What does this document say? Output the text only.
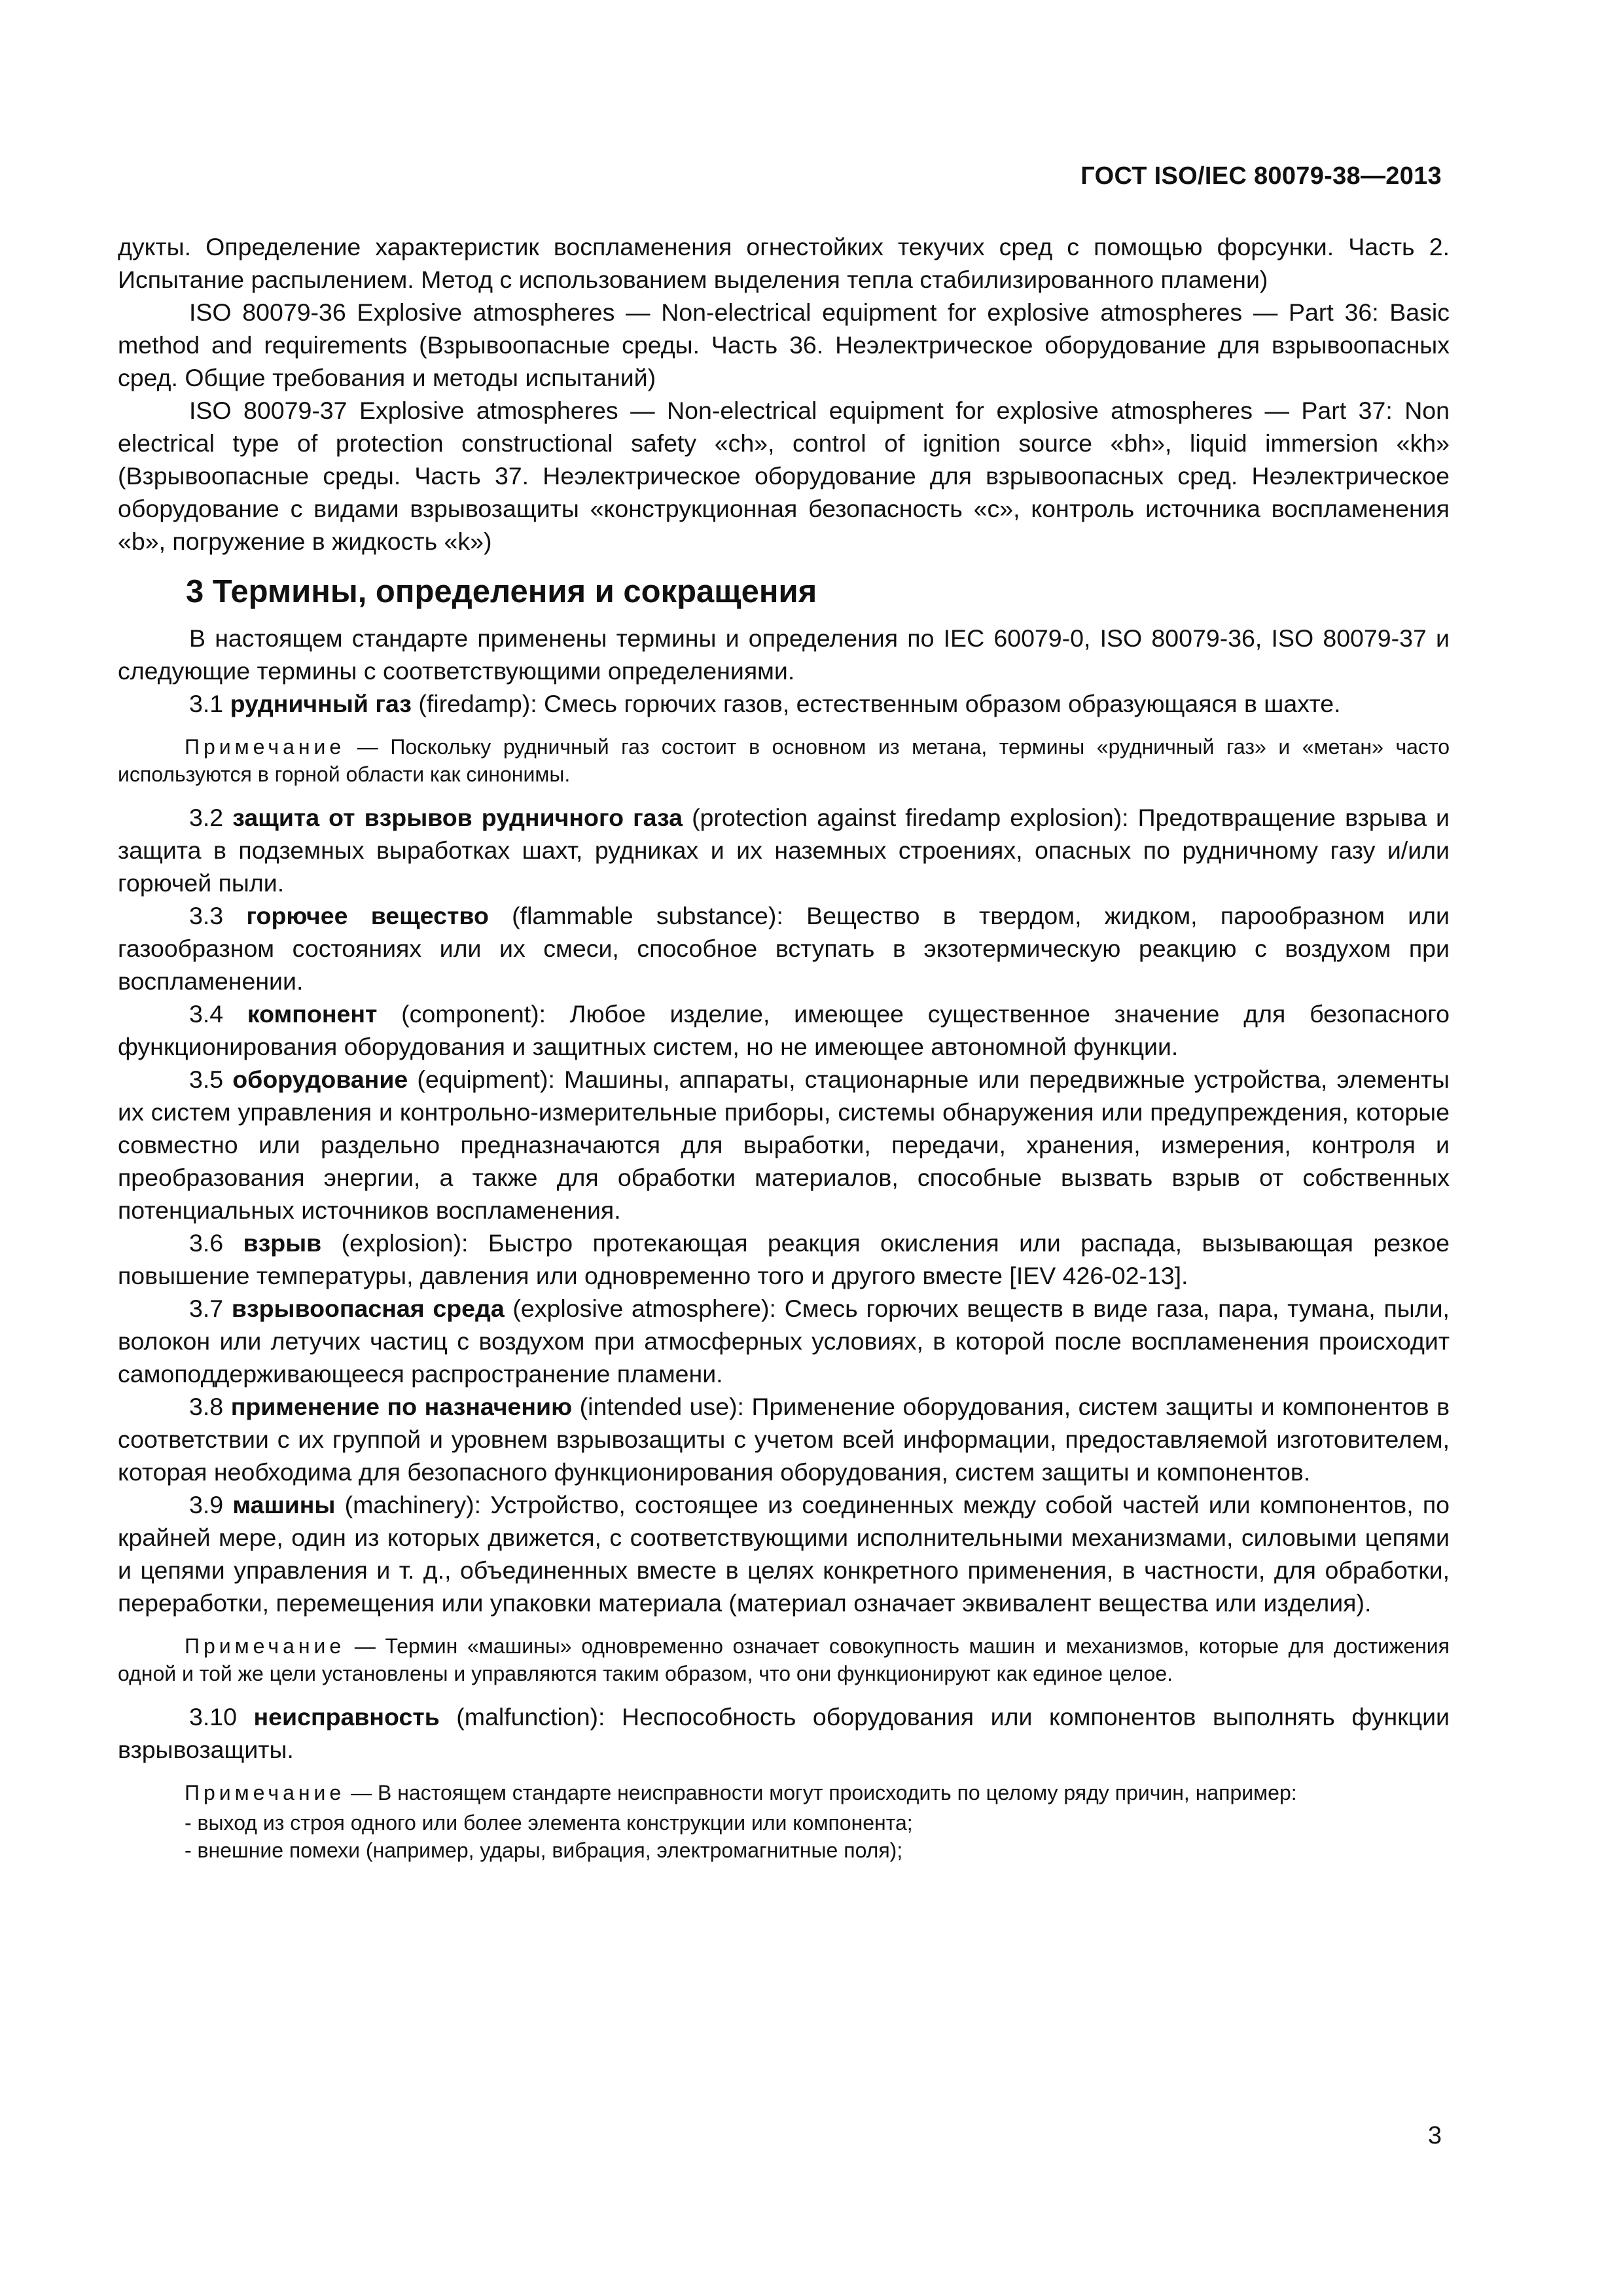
ГОСТ ISO/IEC 80079-38—2013

дукты. Определение характеристик воспламенения огнестойких текучих сред с помощью форсунки. Часть 2. Испытание распылением. Метод с использованием выделения тепла стабилизированного пламени)

ISO 80079-36 Explosive atmospheres — Non-electrical equipment for explosive atmospheres — Part 36: Basic method and requirements (Взрывоопасные среды. Часть 36. Неэлектрическое оборудование для взрывоопасных сред. Общие требования и методы испытаний)

ISO 80079-37 Explosive atmospheres — Non-electrical equipment for explosive atmospheres — Part 37: Non electrical type of protection constructional safety «ch», control of ignition source «bh», liquid immersion «kh» (Взрывоопасные среды. Часть 37. Неэлектрическое оборудование для взрывоопасных сред. Неэлектрическое оборудование с видами взрывозащиты «конструкционная безопасность «с», контроль источника воспламенения «b», погружение в жидкость «k»)

3 Термины, определения и сокращения

В настоящем стандарте применены термины и определения по IEC 60079-0, ISO 80079-36, ISO 80079-37 и следующие термины с соответствующими определениями.

3.1 рудничный газ (firedamp): Смесь горючих газов, естественным образом образующаяся в шахте.

Примечание — Поскольку рудничный газ состоит в основном из метана, термины «рудничный газ» и «метан» часто используются в горной области как синонимы.

3.2 защита от взрывов рудничного газа (protection against firedamp explosion): Предотвращение взрыва и защита в подземных выработках шахт, рудниках и их наземных строениях, опасных по рудничному газу и/или горючей пыли.

3.3 горючее вещество (flammable substance): Вещество в твердом, жидком, парообразном или газообразном состояниях или их смеси, способное вступать в экзотермическую реакцию с воздухом при воспламенении.

3.4 компонент (component): Любое изделие, имеющее существенное значение для безопасного функционирования оборудования и защитных систем, но не имеющее автономной функции.

3.5 оборудование (equipment): Машины, аппараты, стационарные или передвижные устройства, элементы их систем управления и контрольно-измерительные приборы, системы обнаружения или предупреждения, которые совместно или раздельно предназначаются для выработки, передачи, хранения, измерения, контроля и преобразования энергии, а также для обработки материалов, способные вызвать взрыв от собственных потенциальных источников воспламенения.

3.6 взрыв (explosion): Быстро протекающая реакция окисления или распада, вызывающая резкое повышение температуры, давления или одновременно того и другого вместе [IEV 426-02-13].

3.7 взрывоопасная среда (explosive atmosphere): Смесь горючих веществ в виде газа, пара, тумана, пыли, волокон или летучих частиц с воздухом при атмосферных условиях, в которой после воспламенения происходит самоподдерживающееся распространение пламени.

3.8 применение по назначению (intended use): Применение оборудования, систем защиты и компонентов в соответствии с их группой и уровнем взрывозащиты с учетом всей информации, предоставляемой изготовителем, которая необходима для безопасного функционирования оборудования, систем защиты и компонентов.

3.9 машины (machinery): Устройство, состоящее из соединенных между собой частей или компонентов, по крайней мере, один из которых движется, с соответствующими исполнительными механизмами, силовыми цепями и цепями управления и т. д., объединенных вместе в целях конкретного применения, в частности, для обработки, переработки, перемещения или упаковки материала (материал означает эквивалент вещества или изделия).

Примечание — Термин «машины» одновременно означает совокупность машин и механизмов, которые для достижения одной и той же цели установлены и управляются таким образом, что они функционируют как единое целое.

3.10 неисправность (malfunction): Неспособность оборудования или компонентов выполнять функции взрывозащиты.

Примечание — В настоящем стандарте неисправности могут происходить по целому ряду причин, например:

- выход из строя одного или более элемента конструкции или компонента;
- внешние помехи (например, удары, вибрация, электромагнитные поля);
3
